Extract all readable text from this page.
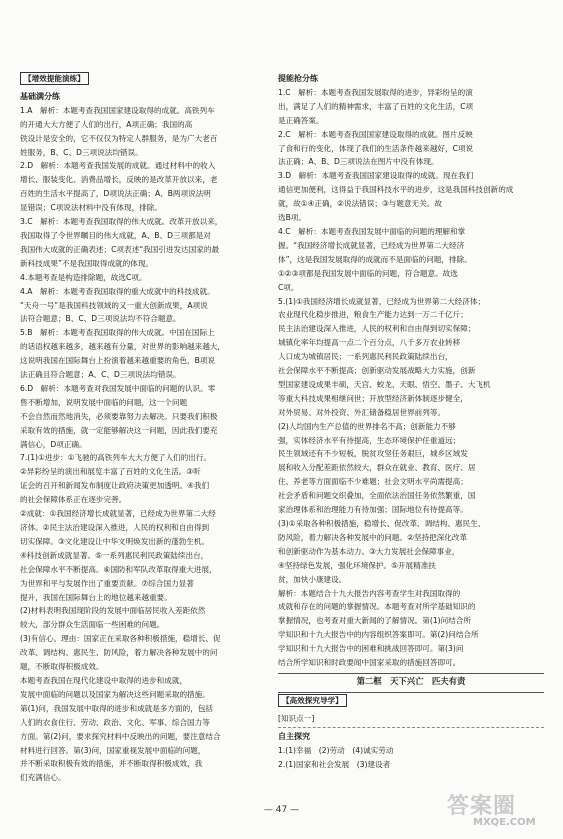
【增效提能演练】

基础满分练

1.A　解析：本题考查我国国家建设取得的成就。高铁列车

的开通大大方便了人们的出行，A项正确；我国的高

铁设计是安全的，它不仅仅为特定人群服务，是为广大老百

姓服务，B、C、D三项说法均错误。

2.D　解析：本题考查我国发展的成就。通过材料中的收入

增长、服装变化、消费品增长，反映的是改革开放以来，老

百姓的生活水平提高了，D项说法正确；A、B两项说法明

显错误；C项说法材料中没有体现，排除。

3.C　解析：本题考查我国取得的伟大成就。改革开放以来，

我国取得了令世界瞩目的伟大成就，A、B、D三项都是对

我国伟大成就的正确表述；C项表述“我国引进发达国家的最

新科技成果”不是我国取得成就的体现。

4.本题考查是构造排除题，故选C项。

4.A　解析：本题考查我国取得的重大成就中的科技成就。

“天舟一号”是我国科技领域的又一重大创新成果，A项说

法符合题意；B、C、D三项说法均不符合题意。

5.B　解析：本题考查我国取得的伟大成就。中国在国际上

的话语权越来越多，越来越有分量，对世界的影响越来越大，

这说明我国在国际舞台上扮演着越来越重要的角色，B项说

法正确且符合题意；A、C、D三项说法均错误。

6.D　解析：本题考查对我国发展中面临的问题的认识。零

售不断增加，说明发展中面临的问题，这一个问题

不会自然而然地消失，必须要靠努力去解决。只要我们积极

采取有效的措施，就一定能够解决这一问题，因此我们要充

满信心，D项正确。

7.(1)①进步：①飞驰的高铁列车大大方便了人们的出行。

②异彩纷呈的演出和展览丰富了百姓的文化生活。③听

证会的召开和新闻发布制度让政府决策更加透明。④我们

的社会保障体系正在逐步完善。

②成就：①我国经济增长成就显著，已经成为世界第二大经

济体。②民主法治建设深入推进，人民的权利和自由得到

切实保障。③文化建设让中华文明焕发出新的蓬勃生机。

④科技创新成就显著。⑤一系列惠民利民政策陆续出台，

社会保障水平不断提高。⑥国防和军队改革取得重大进展，

为世界和平与发展作出了重要贡献。⑦综合国力显著

提升，我国在国际舞台上的地位越来越重要。

(2)材料表明我国现阶段的发展中面临居民收入差距依然

较大，部分群众生活面临一些困难的问题。

(3)有信心。理由：国家正在采取各种积极措施，稳增长、促

改革、调结构、惠民生、防风险，着力解决各种发展中的问

题，不断取得积极成效。

本题考查我国在现代化建设中取得的进步和成就，

发展中面临的问题以及国家为解决这些问题采取的措施。

第(1)问，我国发展中取得的进步和成就是多方面的，包括

人们的衣食住行、劳动、政治、文化、军事、综合国力等

方面。第(2)问，要求探究材料中反映出的问题，要注意结合

材料进行回答。第(3)问，国家重视发展中面临的问题，

并不断采取积极有效的措施，并不断取得积极成效，我

们充满信心。

提能抢分练

1.C　解析：本题考查我国发展取得的进步，异彩纷呈的演

出，满足了人们的精神需求，丰富了百姓的文化生活，C项

是正确答案。

2.C　解析：本题考查我国国家建设取得的成就。图片反映

了食和行的变化，体现了我们的生活条件越来越好，C项说

法正确；A、B、D三项说法在图片中没有体现。

3.D　解析：本题考查我国国家建设取得的成就。现在我们

通信更加便利，这得益于我国科技水平的进步，这是我国科技创新的成

就，故①④正确，②说法错误；③与题意无关。故

选B项。

4.C　解析：本题考查我国发展中面临的问题的理解和掌

握。“我国经济增长成就显著，已经成为世界第二大经济

体”，这是我国发展取得的成就而不是面临的问题，排除。

①②③项都是我国发展中面临的问题，符合题意。故选

C项。

5.(1)①我国经济增长成就显著，已经成为世界第二大经济体；

农业现代化稳步推进，粮食生产能力达到一万二千亿斤；

民主法治建设深入推进，人民的权利和自由得到切实保障；

城镇化率年均提高一点二个百分点，八千多万农业转移

人口成为城镇居民；一系列惠民利民政策陆续出台，

社会保障水平不断提高；创新驱动发展战略大力实施，创新

型国家建设成果丰硕，天宫、蛟龙、天眼、悟空、墨子、大飞机

等重大科技成果相继问世；开放型经济新体制逐步健全，

对外贸易、对外投资、外汇储备稳居世界前列等。

(2)人均国内生产总值的世界排名不高；创新能力不够

强，实体经济水平有待提高，生态环境保护任重道远；

民生领域还有不少短板，脱贫攻坚任务艰巨，城乡区域发

展和收入分配差距依然较大，群众在就业、教育、医疗、居

住、养老等方面面临不少难题；社会文明水平尚需提高；

社会矛盾和问题交织叠加，全面依法治国任务依然繁重，国

家治理体系和治理能力有待加强；国际地位有待提高等。

(3)①采取各种积极措施，稳增长、促改革、调结构、惠民生、

防风险，着力解决各种发展中的问题。②坚持把深化改革

和创新驱动作为基本动力。③大力发展社会保障事业，

④坚持绿色发展，强化环境保护。⑤开展精准扶

贫，加快小康建设。

解析：本题结合十九大报告内容考查学生对我国取得的

成就和存在的问题的掌握情况。本题考查对所学基础知识的

掌握情况，也考查对重大新闻的了解情况。第(1)问结合所

学知识和十九大报告中的内容组织答案即可。第(2)问结合所

学知识和十九大报告中的困难和挑战回答即可。第(3)问

结合所学知识和时政要闻中国家采取的措施回答即可。

第二框　天下兴亡　匹夫有责

【高效探究导学】

[知识点一]

自主探究

1.(1)幸福　(2)劳动　(4)诚实劳动

2.(1)国家和社会发展　(3)建设者

— 47 —	答案圈
MXQE.COM
